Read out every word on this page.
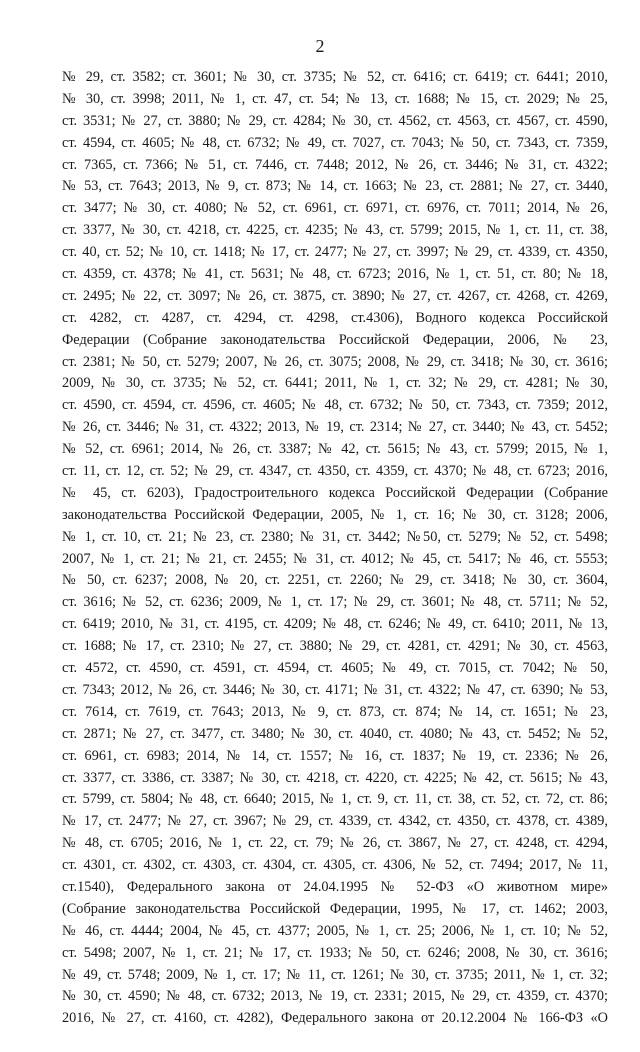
2
№ 29, ст. 3582; ст. 3601; № 30, ст. 3735; № 52, ст. 6416; ст. 6419; ст. 6441; 2010,
№ 30, ст. 3998; 2011, № 1, ст. 47, ст. 54; № 13, ст. 1688; № 15, ст. 2029; № 25,
ст. 3531; № 27, ст. 3880; № 29, ст. 4284; № 30, ст. 4562, ст. 4563, ст. 4567, ст. 4590,
ст. 4594, ст. 4605; № 48, ст. 6732; № 49, ст. 7027, ст. 7043; № 50, ст. 7343, ст. 7359,
ст. 7365, ст. 7366; № 51, ст. 7446, ст. 7448; 2012, № 26, ст. 3446; № 31, ст. 4322;
№ 53, ст. 7643; 2013, № 9, ст. 873; № 14, ст. 1663; № 23, ст. 2881; № 27, ст. 3440,
ст. 3477; № 30, ст. 4080; № 52, ст. 6961, ст. 6971, ст. 6976, ст. 7011; 2014, № 26,
ст. 3377, № 30, ст. 4218, ст. 4225, ст. 4235; № 43, ст. 5799; 2015, № 1, ст. 11, ст. 38,
ст. 40, ст. 52; № 10, ст. 1418; № 17, ст. 2477; № 27, ст. 3997; № 29, ст. 4339, ст. 4350,
ст. 4359, ст. 4378; № 41, ст. 5631; № 48, ст. 6723; 2016, № 1, ст. 51, ст. 80; № 18,
ст. 2495; № 22, ст. 3097; № 26, ст. 3875, ст. 3890; № 27, ст. 4267, ст. 4268, ст. 4269,
ст. 4282, ст. 4287, ст. 4294, ст. 4298, ст.4306), Водного кодекса Российской
Федерации (Собрание законодательства Российской Федерации, 2006, № 23,
ст. 2381; № 50, ст. 5279; 2007, № 26, ст. 3075; 2008, № 29, ст. 3418; № 30, ст. 3616;
2009, № 30, ст. 3735; № 52, ст. 6441; 2011, № 1, ст. 32; № 29, ст. 4281; № 30,
ст. 4590, ст. 4594, ст. 4596, ст. 4605; № 48, ст. 6732; № 50, ст. 7343, ст. 7359; 2012,
№ 26, ст. 3446; № 31, ст. 4322; 2013, № 19, ст. 2314; № 27, ст. 3440; № 43, ст. 5452;
№ 52, ст. 6961; 2014, № 26, ст. 3387; № 42, ст. 5615; № 43, ст. 5799; 2015, № 1,
ст. 11, ст. 12, ст. 52; № 29, ст. 4347, ст. 4350, ст. 4359, ст. 4370; № 48, ст. 6723; 2016,
№ 45, ст. 6203), Градостроительного кодекса Российской Федерации (Собрание
законодательства Российской Федерации, 2005, № 1, ст. 16; № 30, ст. 3128; 2006,
№ 1, ст. 10, ст. 21; № 23, ст. 2380; № 31, ст. 3442; №50, ст. 5279; № 52, ст. 5498;
2007, № 1, ст. 21; № 21, ст. 2455; № 31, ст. 4012; № 45, ст. 5417; № 46, ст. 5553;
№ 50, ст. 6237; 2008, № 20, ст. 2251, ст. 2260; № 29, ст. 3418; № 30, ст. 3604,
ст. 3616; № 52, ст. 6236; 2009, № 1, ст. 17; № 29, ст. 3601; № 48, ст. 5711; № 52,
ст. 6419; 2010, № 31, ст. 4195, ст. 4209; № 48, ст. 6246; № 49, ст. 6410; 2011, № 13,
ст. 1688; № 17, ст. 2310; № 27, ст. 3880; № 29, ст. 4281, ст. 4291; № 30, ст. 4563,
ст. 4572, ст. 4590, ст. 4591, ст. 4594, ст. 4605; № 49, ст. 7015, ст. 7042; № 50,
ст. 7343; 2012, № 26, ст. 3446; № 30, ст. 4171; № 31, ст. 4322; № 47, ст. 6390; № 53,
ст. 7614, ст. 7619, ст. 7643; 2013, № 9, ст. 873, ст. 874; № 14, ст. 1651; № 23,
ст. 2871; № 27, ст. 3477, ст. 3480; № 30, ст. 4040, ст. 4080; № 43, ст. 5452; № 52,
ст. 6961, ст. 6983; 2014, № 14, ст. 1557; № 16, ст. 1837; № 19, ст. 2336; № 26,
ст. 3377, ст. 3386, ст. 3387; № 30, ст. 4218, ст. 4220, ст. 4225; № 42, ст. 5615; № 43,
ст. 5799, ст. 5804; № 48, ст. 6640; 2015, № 1, ст. 9, ст. 11, ст. 38, ст. 52, ст. 72, ст. 86;
№ 17, ст. 2477; № 27, ст. 3967; № 29, ст. 4339, ст. 4342, ст. 4350, ст. 4378, ст. 4389,
№ 48, ст. 6705; 2016, № 1, ст. 22, ст. 79; № 26, ст. 3867, № 27, ст. 4248, ст. 4294,
ст. 4301, ст. 4302, ст. 4303, ст. 4304, ст. 4305, ст. 4306, № 52, ст. 7494; 2017, № 11,
ст.1540), Федерального закона от 24.04.1995 № 52-ФЗ «О животном мире»
(Собрание законодательства Российской Федерации, 1995, № 17, ст. 1462; 2003,
№ 46, ст. 4444; 2004, № 45, ст. 4377; 2005, № 1, ст. 25; 2006, № 1, ст. 10; № 52,
ст. 5498; 2007, № 1, ст. 21; № 17, ст. 1933; № 50, ст. 6246; 2008, № 30, ст. 3616;
№ 49, ст. 5748; 2009, № 1, ст. 17; № 11, ст. 1261; № 30, ст. 3735; 2011, № 1, ст. 32;
№ 30, ст. 4590; № 48, ст. 6732; 2013, № 19, ст. 2331; 2015, № 29, ст. 4359, ст. 4370;
2016, № 27, ст. 4160, ст. 4282), Федерального закона от 20.12.2004 № 166-ФЗ «О
